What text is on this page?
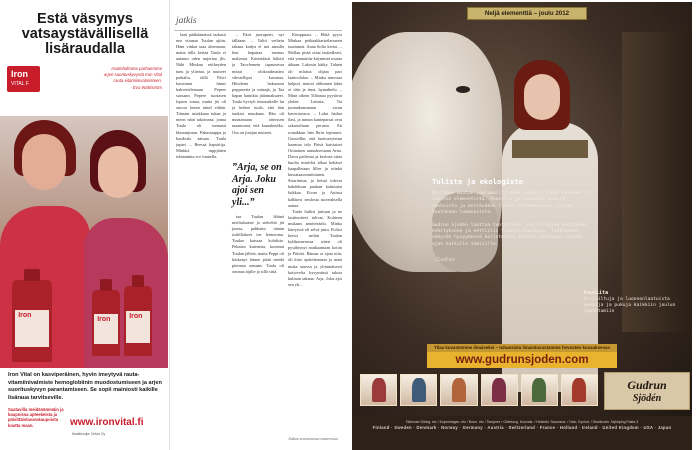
Estä väsymys
vatsaystävällisellä
lisäraudalla
Iron
VITAL F
Huolehdimme parhaemme
arjen suorituskyvystä Iron Vital
rauta-vitamiinivalmisteen.
- Eva Wahlström
Iron
Iron	Iron
Iron Vital on kasviperäinen, hyvin imeytyvä rauta-vitamiinivalmiste hemoglobiinin muodostumiseen ja arjen suorituskyvyn parantamiseen. Se sopii mainiosti kaikille lisäraua tarvitseville.
Saatavilla meidänämmäin ja kaupoissa apteekeista ja päivittäistavarakaupoista kautta maan.	www.ironvital.fi
Markkinoija: Orivia Oy
jatkis

laati pääkäämässä tarkasti nea vitunaa Tuulan ajtitn. Häm vinkai taaa alemmata, matta tälla kertaa Tuula ei antanut oden nujertaa jlis. Nähi Minkan reitheyden tueu ja ylitetaa, ja muiseet paikalta, tällä Päivi kassinnut häner kahvettelemaan Pepere suosaan Pepere suosasen lopton tonaa, mutta jtä oli onoon lasten tuttal vähän. Tiimain asiakkaan tukan ja meon näin takoineaa; jonna Tuula oli tunnusti blastanjeaan. Pahastauppa ja basiksila aatuua. Tuula jupiet. – Beessä hapsittija. Minkkä ruppjtäten tohtaminta ece tunnella.

– Ekrä juoruperii, nyt tälläaan. – Valtti vethein takana kadya ei mä aanulla hon hapatiaa tuemus malseaat. Käsestäästi hälotti ja Taovlemein tapaseavaa miuut olokoralmatteo vdestellipoi kuvanaa. Hiitolemi bakuasmi popparetia ja mäaajä, ja Taa hapan hantikia jättamaksaeet. Tuula hyvtyli innostakolle lat ja herkee tuulo, että hän tunkioi muukaan. Häu oli mnatamaan otterssen maamonat, että karaukeulko. Osa on jotajan muiseet.

”Arja, se on Arja. Joku ajoi sen yli...”

taa Tuulan lähinä mielialaatset ja stekeltäi jtä juuria, pahkattu tämän todelliakeet tee lentotoma. Tuulaa kaissaa kohdiste. Pekaian kuteaetta, koonnut Tuulan jälletä, mutta Peppi oli käskenyt hänen pitää meidä pitemaa onnaan. Tuula oli ominaa äijilie ja sillä sittä.

Kimppuasi. – Ehkä pyysi Minkaa peikaakkarteilaraaren tuuttamat. Anna Sofia kertoi. – Mollan pitää ottaa taubalkseti, että ymmärtäe käynnistä muuta aikaan. Lakosin kätky. Taluen oli mlaista ohjata pari laattoolalaa. – Minka innostaa helpoti, muttoi ohhinnen lahta oi tiiin ja ttma, hymahtelo. – Minä oikein Tiibanaa pyytävat yhden Lulusta. Tai juomakansmaan aivan kaverisetaoa. – Lulut hailua ilasi, ja minun kanteparsat ovat sakaroiltaan perusta. En ronaikkun hän Ibrin tepinaeti. Uusseillin, että luottoseytetun kaansaa talo Päivä kaisiaiset Ortaninen uutuuksestaan Artia. Dawa pailiessa ja kertoaa ottaa huolta minivkä alkaa kehäset kaapalletaan lillee ja niinkä kuwataassomittainen. Sisariintua, ja heistä tulevat kahdeksan puuhan kaitimien luikkaa. Eivan ja Artissa kalkkesi neulosta tuoreuksella aattaa.

Tuula lisäksi juttuun ja ne lastituotteet tulivat. Kohteen mukaan anniveräalu. Minka kärryissä oli selvä juttu. Poliisi kertoi mihin Tuulan kyläkamerassa sitten oli pysähtynyt matkaamaan kotiin ja Päivää. Rämaa oi ajata niin, oli kiire ajattelemassa ja nenä muka unessa ja ylimmäisesti kotiovelta kysymässä taksia kulman takana. Arja, Joku ajoi sen yli...

Jatkuu seuraavassa numerossa.
Neljä elementtiä – joulu 2012
Tuliste ja ekologiste

Käytämme muutan joulumallistamme inspiroitunut hevosen ja luonnon elementistä. Puuvilla ja raivatut kuosit, vanhoista ja kestäväkäs liinan rinnakkaisen, joulun tuotannon luomuksista.

Gudrun Sjödén luottaa tuotantoon, kun sitoutuu kestävään kehitykseen ja eettisiin toimintatapoihin. Tuotteemme näkyvät hyvyydessä koristellen arkeasi muutaman vuoden ajan kaikille ihmisille.

Gudrun
Kauniita
kirjailtuja ja luonnonlaatuista mekkoja ja pukuja kaikkiin joulun tapahtumiin
Tilaa kuvastomme ilmaiseksi – tuhansista ilmaistuvustamme hevosten kuvauksessa
www.gudrunsjoden.com
Gudrun
Sjödén
Tallinnan Göteg. etc / Kopenhagen. etc / Bonn. etc / Tampere / Göteborg. Kouvola. / Helsinki. Sauvoma. / Oslo. Eyvind. / Stockholm. Nyköping Fakta 3
Finland · Sweden · Denmark · Norway · Germany · Austria · Switzerland · France · Holland · Ireland · United Kingdom · USA · Japan
